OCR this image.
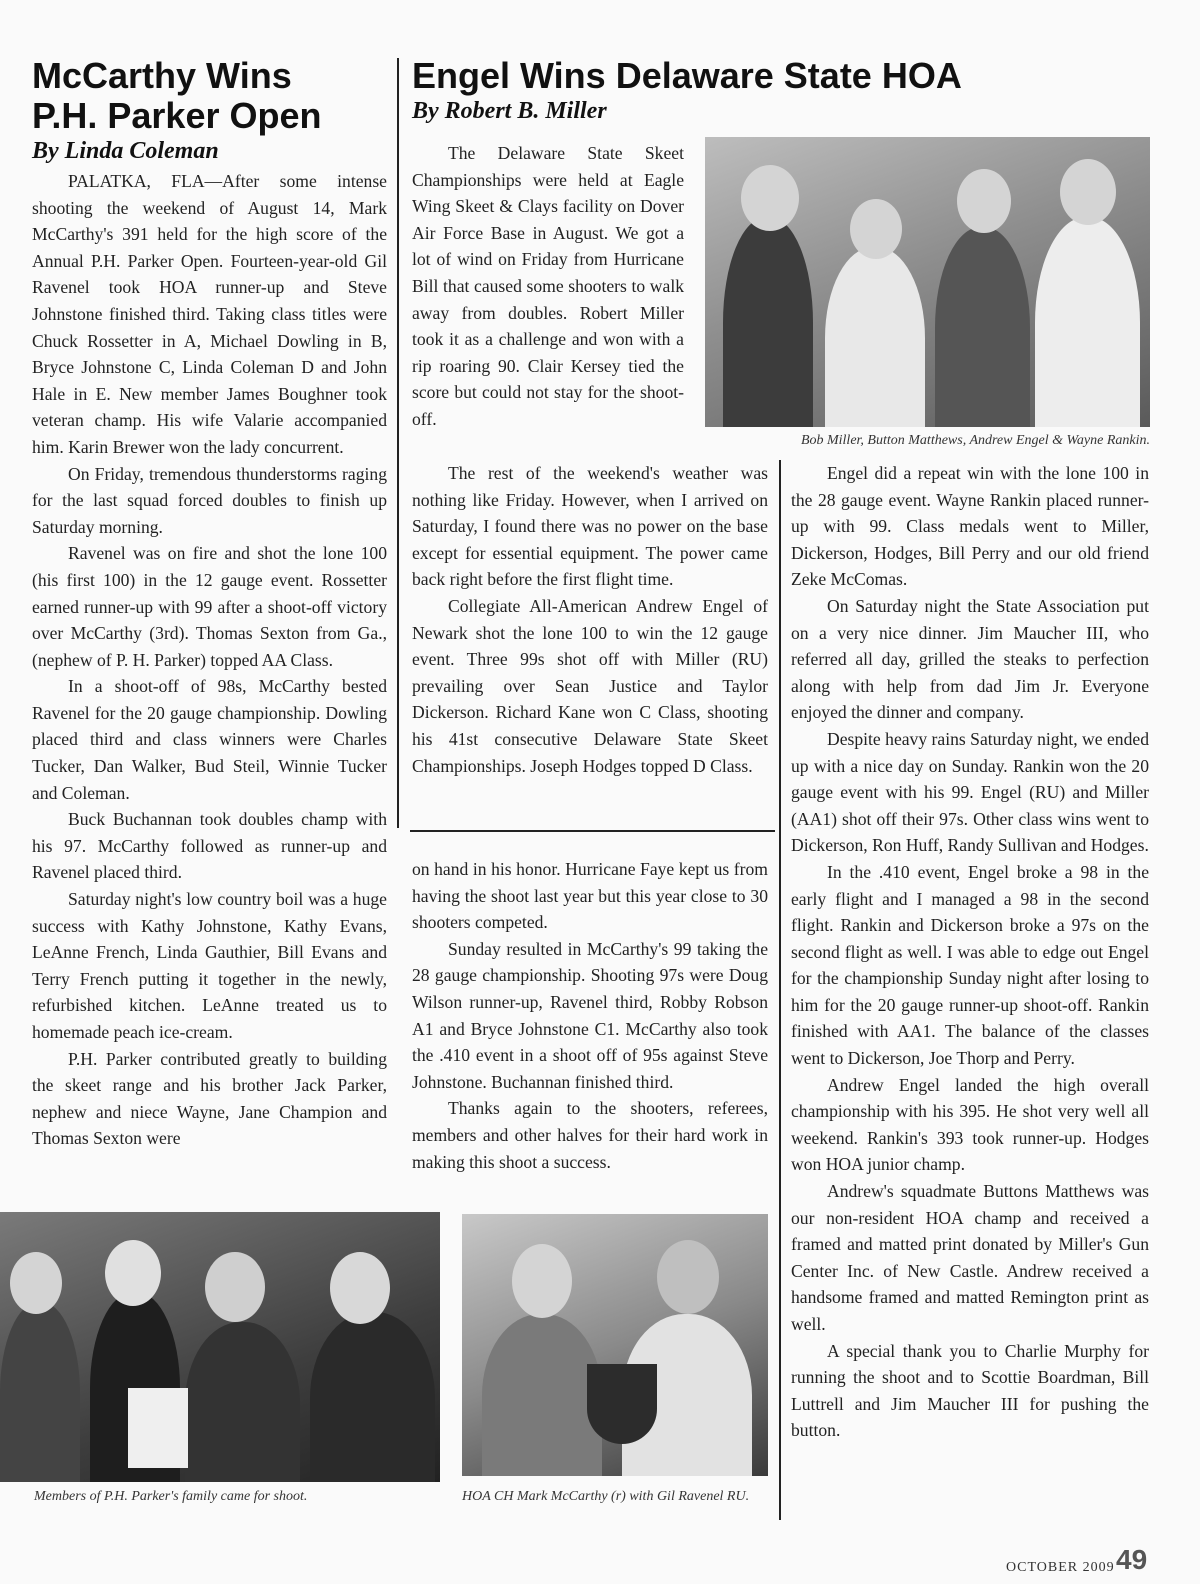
McCarthy Wins
P.H. Parker Open
By Linda Coleman

PALATKA, FLA—After some intense shooting the weekend of August 14, Mark McCarthy's 391 held for the high score of the Annual P.H. Parker Open. Fourteen-year-old Gil Ravenel took HOA runner-up and Steve Johnstone finished third. Taking class titles were Chuck Rossetter in A, Michael Dowling in B, Bryce Johnstone C, Linda Coleman D and John Hale in E. New member James Boughner took veteran champ. His wife Valarie accompanied him. Karin Brewer won the lady concurrent.

On Friday, tremendous thunderstorms raging for the last squad forced doubles to finish up Saturday morning.

Ravenel was on fire and shot the lone 100 (his first 100) in the 12 gauge event. Rossetter earned runner-up with 99 after a shoot-off victory over McCarthy (3rd). Thomas Sexton from Ga., (nephew of P. H. Parker) topped AA Class.

In a shoot-off of 98s, McCarthy bested Ravenel for the 20 gauge championship. Dowling placed third and class winners were Charles Tucker, Dan Walker, Bud Steil, Winnie Tucker and Coleman.

Buck Buchannan took doubles champ with his 97. McCarthy followed as runner-up and Ravenel placed third.

Saturday night's low country boil was a huge success with Kathy Johnstone, Kathy Evans, LeAnne French, Linda Gauthier, Bill Evans and Terry French putting it together in the newly, refurbished kitchen. LeAnne treated us to homemade peach ice-cream.

P.H. Parker contributed greatly to building the skeet range and his brother Jack Parker, nephew and niece Wayne, Jane Champion and Thomas Sexton were

Engel Wins Delaware State HOA
By Robert B. Miller

The Delaware State Skeet Championships were held at Eagle Wing Skeet & Clays facility on Dover Air Force Base in August. We got a lot of wind on Friday from Hurricane Bill that caused some shooters to walk away from doubles. Robert Miller took it as a challenge and won with a rip roaring 90. Clair Kersey tied the score but could not stay for the shoot-off.

Bob Miller, Button Matthews, Andrew Engel & Wayne Rankin.

The rest of the weekend's weather was nothing like Friday. However, when I arrived on Saturday, I found there was no power on the base except for essential equipment. The power came back right before the first flight time.

Collegiate All-American Andrew Engel of Newark shot the lone 100 to win the 12 gauge event. Three 99s shot off with Miller (RU) prevailing over Sean Justice and Taylor Dickerson. Richard Kane won C Class, shooting his 41st consecutive Delaware State Skeet Championships. Joseph Hodges topped D Class.

on hand in his honor. Hurricane Faye kept us from having the shoot last year but this year close to 30 shooters competed.

Sunday resulted in McCarthy's 99 taking the 28 gauge championship. Shooting 97s were Doug Wilson runner-up, Ravenel third, Robby Robson A1 and Bryce Johnstone C1. McCarthy also took the .410 event in a shoot off of 95s against Steve Johnstone. Buchannan finished third.

Thanks again to the shooters, referees, members and other halves for their hard work in making this shoot a success.

Engel did a repeat win with the lone 100 in the 28 gauge event. Wayne Rankin placed runner-up with 99. Class medals went to Miller, Dickerson, Hodges, Bill Perry and our old friend Zeke McComas.

On Saturday night the State Association put on a very nice dinner. Jim Maucher III, who referred all day, grilled the steaks to perfection along with help from dad Jim Jr. Everyone enjoyed the dinner and company.

Despite heavy rains Saturday night, we ended up with a nice day on Sunday. Rankin won the 20 gauge event with his 99. Engel (RU) and Miller (AA1) shot off their 97s. Other class wins went to Dickerson, Ron Huff, Randy Sullivan and Hodges.

In the .410 event, Engel broke a 98 in the early flight and I managed a 98 in the second flight. Rankin and Dickerson broke a 97s on the second flight as well. I was able to edge out Engel for the championship Sunday night after losing to him for the 20 gauge runner-up shoot-off. Rankin finished with AA1. The balance of the classes went to Dickerson, Joe Thorp and Perry.

Andrew Engel landed the high overall championship with his 395. He shot very well all weekend. Rankin's 393 took runner-up. Hodges won HOA junior champ.

Andrew's squadmate Buttons Matthews was our non-resident HOA champ and received a framed and matted print donated by Miller's Gun Center Inc. of New Castle. Andrew received a handsome framed and matted Remington print as well.

A special thank you to Charlie Murphy for running the shoot and to Scottie Boardman, Bill Luttrell and Jim Maucher III for pushing the button.

Members of P.H. Parker's family came for shoot.	HOA CH Mark McCarthy (r) with Gil Ravenel RU.
OCTOBER 2009 49
